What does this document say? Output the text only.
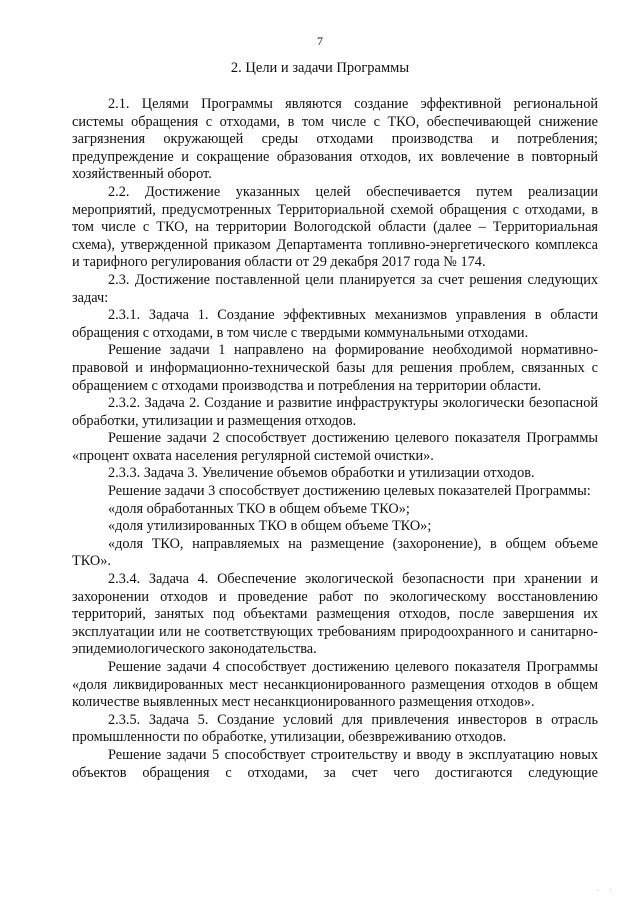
7
2. Цели и задачи Программы

2.1. Целями Программы являются создание эффективной региональной системы обращения с отходами, в том числе с ТКО, обеспечивающей снижение загрязнения окружающей среды отходами производства и потребления; предупреждение и сокращение образования отходов, их вовлечение в повторный хозяйственный оборот.

2.2. Достижение указанных целей обеспечивается путем реализации мероприятий, предусмотренных Территориальной схемой обращения с отходами, в том числе с ТКО, на территории Вологодской области (далее – Территориальная схема), утвержденной приказом Департамента топливно-энергетического комплекса и тарифного регулирования области от 29 декабря 2017 года № 174.

2.3. Достижение поставленной цели планируется за счет решения следующих задач:

2.3.1. Задача 1. Создание эффективных механизмов управления в области обращения с отходами, в том числе с твердыми коммунальными отходами.

Решение задачи 1 направлено на формирование необходимой нормативно-правовой и информационно-технической базы для решения проблем, связанных с обращением с отходами производства и потребления на территории области.

2.3.2. Задача 2. Создание и развитие инфраструктуры экологически безопасной обработки, утилизации и размещения отходов.

Решение задачи 2 способствует достижению целевого показателя Программы «процент охвата населения регулярной системой очистки».

2.3.3. Задача 3. Увеличение объемов обработки и утилизации отходов.

Решение задачи 3 способствует достижению целевых показателей Программы:

«доля обработанных ТКО в общем объеме ТКО»;

«доля утилизированных ТКО в общем объеме ТКО»;

«доля ТКО, направляемых на размещение (захоронение), в общем объеме ТКО».

2.3.4. Задача 4. Обеспечение экологической безопасности при хранении и захоронении отходов и проведение работ по экологическому восстановлению территорий, занятых под объектами размещения отходов, после завершения их эксплуатации или не соответствующих требованиям природоохранного и санитарно-эпидемиологического законодательства.

Решение задачи 4 способствует достижению целевого показателя Программы «доля ликвидированных мест несанкционированного размещения отходов в общем количестве выявленных мест несанкционированного размещения отходов».

2.3.5. Задача 5. Создание условий для привлечения инвесторов в отрасль промышленности по обработке, утилизации, обезвреживанию отходов.

Решение задачи 5 способствует строительству и вводу в эксплуатацию новых объектов обращения с отходами, за счет чего достигаются следующие

· ·
